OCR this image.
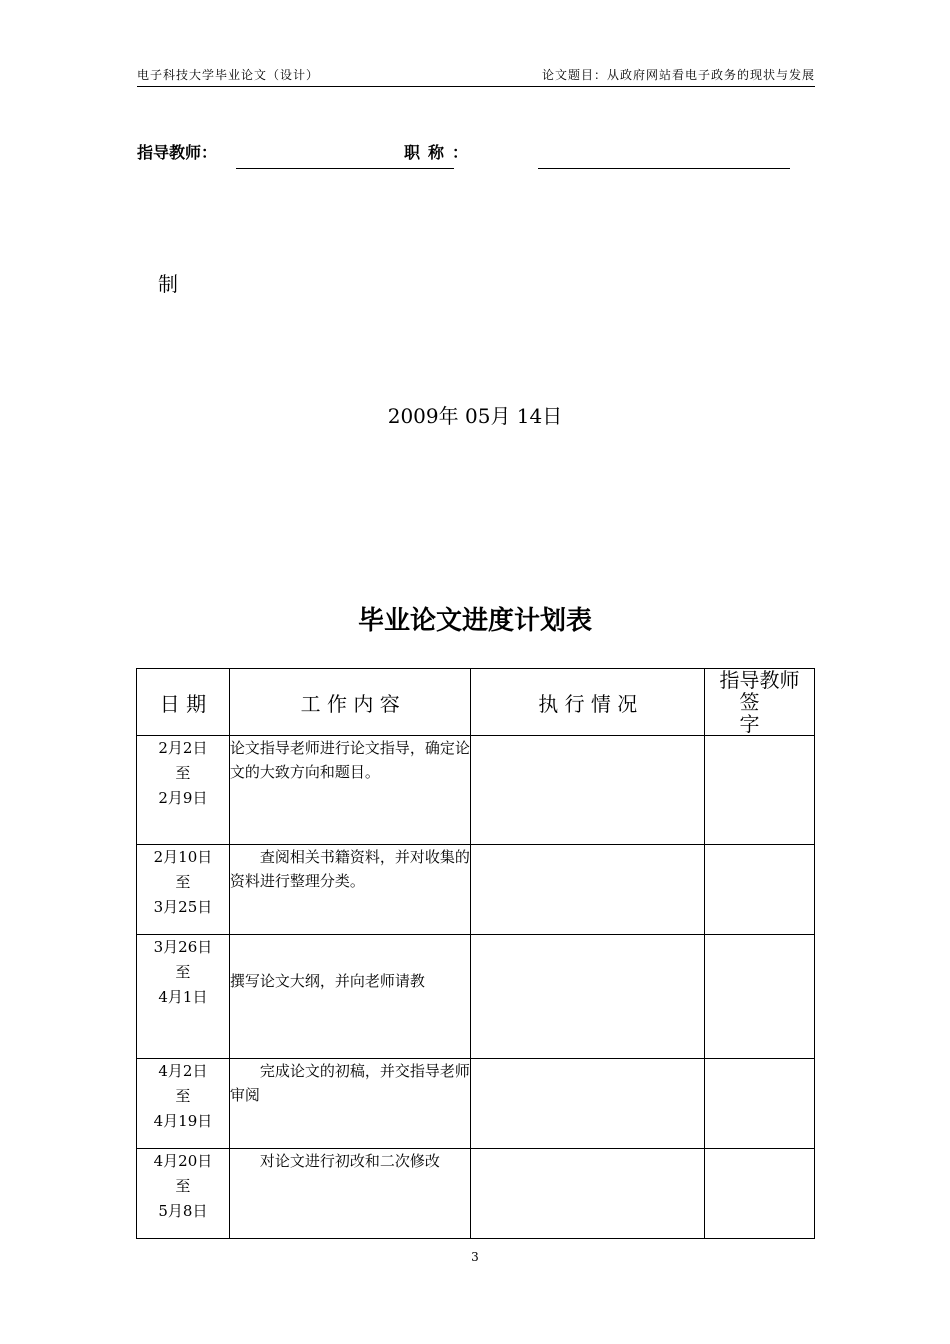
电子科技大学毕业论文（设计）	论文题目：从政府网站看电子政务的现状与发展
指导教师：	职称：
制
2009年 05月 14日
毕业论文进度计划表
日 期	工 作 内 容	执 行 情 况	指导教师
签字

2月2日
至
2月9日	论文指导老师进行论文指导，确定论文的大致方向和题目。		

2月10日
至
3月25日	查阅相关书籍资料，并对收集的资料进行整理分类。		

3月26日
至
4月1日	撰写论文大纲，并向老师请教		

4月2日
至
4月19日	完成论文的初稿，并交指导老师审阅		

4月20日
至
5月8日	对论文进行初改和二次修改		
3
